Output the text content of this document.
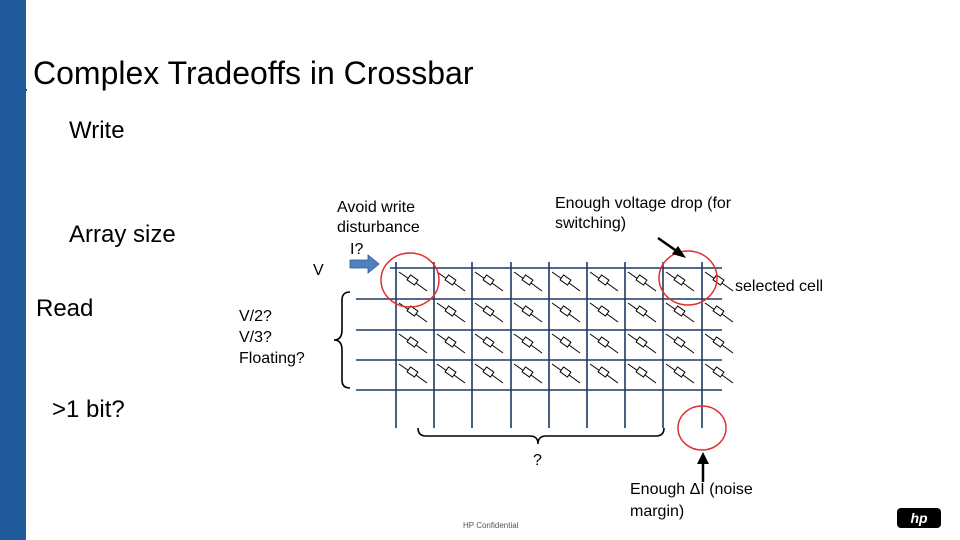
Complex Tradeoffs in Crossbar
Write
Array size
Read
>1 bit?
Avoid write
disturbance
Enough voltage drop (for
switching)
I?
V
selected cell
V/2?
V/3?
Floating?
?
Enough ΔI (noise
margin)
HP Confidential	hp
